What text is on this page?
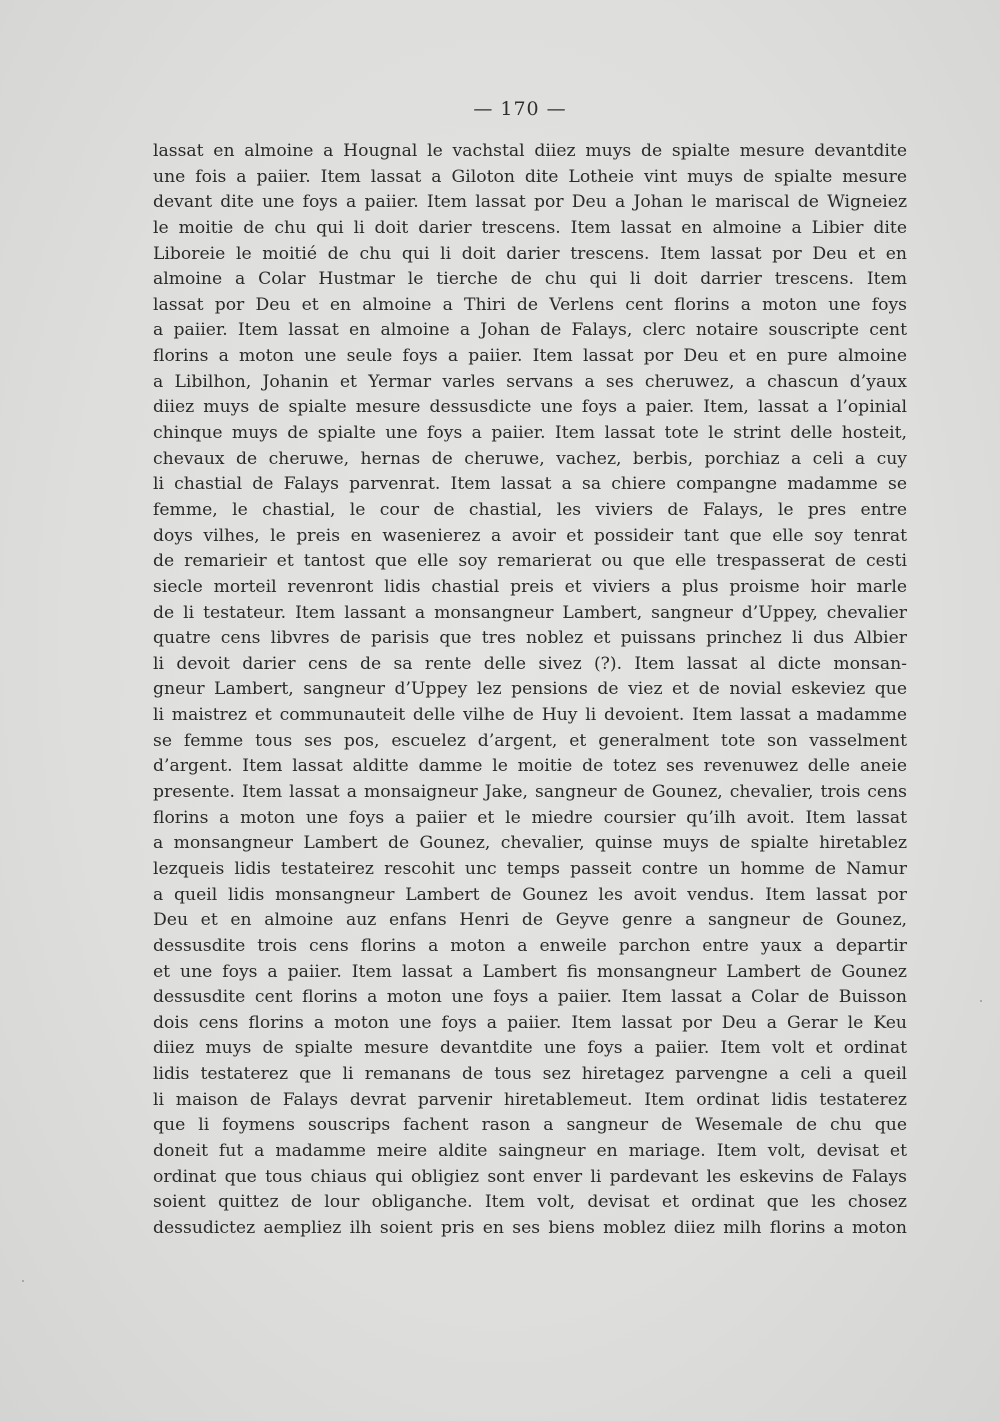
— 170 —
lassat en almoine a Hougnal le vachstal diiez muys de spialte mesure devantdite
une fois a paiier. Item lassat a Giloton dite Lotheie vint muys de spialte mesure
devant dite une foys a paiier. Item lassat por Deu a Johan le mariscal de Wigneiez
le moitie de chu qui li doit darier trescens. Item lassat en almoine a Libier dite
Liboreie le moitié de chu qui li doit darier trescens. Item lassat por Deu et en
almoine a Colar Hustmar le tierche de chu qui li doit darrier trescens. Item
lassat por Deu et en almoine a Thiri de Verlens cent florins a moton une foys
a paiier. Item lassat en almoine a Johan de Falays, clerc notaire souscripte cent
florins a moton une seule foys a paiier. Item lassat por Deu et en pure almoine
a Libilhon, Johanin et Yermar varles servans a ses cheruwez, a chascun d’yaux
diiez muys de spialte mesure dessusdicte une foys a paier. Item, lassat a l’opinial
chinque muys de spialte une foys a paiier. Item lassat tote le strint delle hosteit,
chevaux de cheruwe, hernas de cheruwe, vachez, berbis, porchiaz a celi a cuy
li chastial de Falays parvenrat. Item lassat a sa chiere compangne madamme se
femme, le chastial, le cour de chastial, les viviers de Falays, le pres entre
doys vilhes, le preis en wasenierez a avoir et possideir tant que elle soy tenrat
de remarieir et tantost que elle soy remarierat ou que elle trespasserat de cesti
siecle morteil revenront lidis chastial preis et viviers a plus proisme hoir marle
de li testateur. Item lassant a monsangneur Lambert, sangneur d’Uppey, chevalier
quatre cens libvres de parisis que tres noblez et puissans princhez li dus Albier
li devoit darier cens de sa rente delle sivez (?). Item lassat al dicte monsan-
gneur Lambert, sangneur d’Uppey lez pensions de viez et de novial eskeviez que
li maistrez et communauteit delle vilhe de Huy li devoient. Item lassat a madamme
se femme tous ses pos, escuelez d’argent, et generalment tote son vasselment
d’argent. Item lassat alditte damme le moitie de totez ses revenuwez delle aneie
presente. Item lassat a monsaigneur Jake, sangneur de Gounez, chevalier, trois cens
florins a moton une foys a paiier et le miedre coursier qu’ilh avoit. Item lassat
a monsangneur Lambert de Gounez, chevalier, quinse muys de spialte hiretablez
lezqueis lidis testateirez rescohit unc temps passeit contre un homme de Namur
a queil lidis monsangneur Lambert de Gounez les avoit vendus. Item lassat por
Deu et en almoine auz enfans Henri de Geyve genre a sangneur de Gounez,
dessusdite trois cens florins a moton a enweile parchon entre yaux a departir
et une foys a paiier. Item lassat a Lambert fis monsangneur Lambert de Gounez
dessusdite cent florins a moton une foys a paiier. Item lassat a Colar de Buisson
dois cens florins a moton une foys a paiier. Item lassat por Deu a Gerar le Keu
diiez muys de spialte mesure devantdite une foys a paiier. Item volt et ordinat
lidis testaterez que li remanans de tous sez hiretagez parvengne a celi a queil
li maison de Falays devrat parvenir hiretablemeut. Item ordinat lidis testaterez
que li foymens souscrips fachent rason a sangneur de Wesemale de chu que
doneit fut a madamme meire aldite saingneur en mariage. Item volt, devisat et
ordinat que tous chiaus qui obligiez sont enver li pardevant les eskevins de Falays
soient quittez de lour obliganche. Item volt, devisat et ordinat que les chosez
dessudictez aempliez ilh soient pris en ses biens moblez diiez milh florins a moton
